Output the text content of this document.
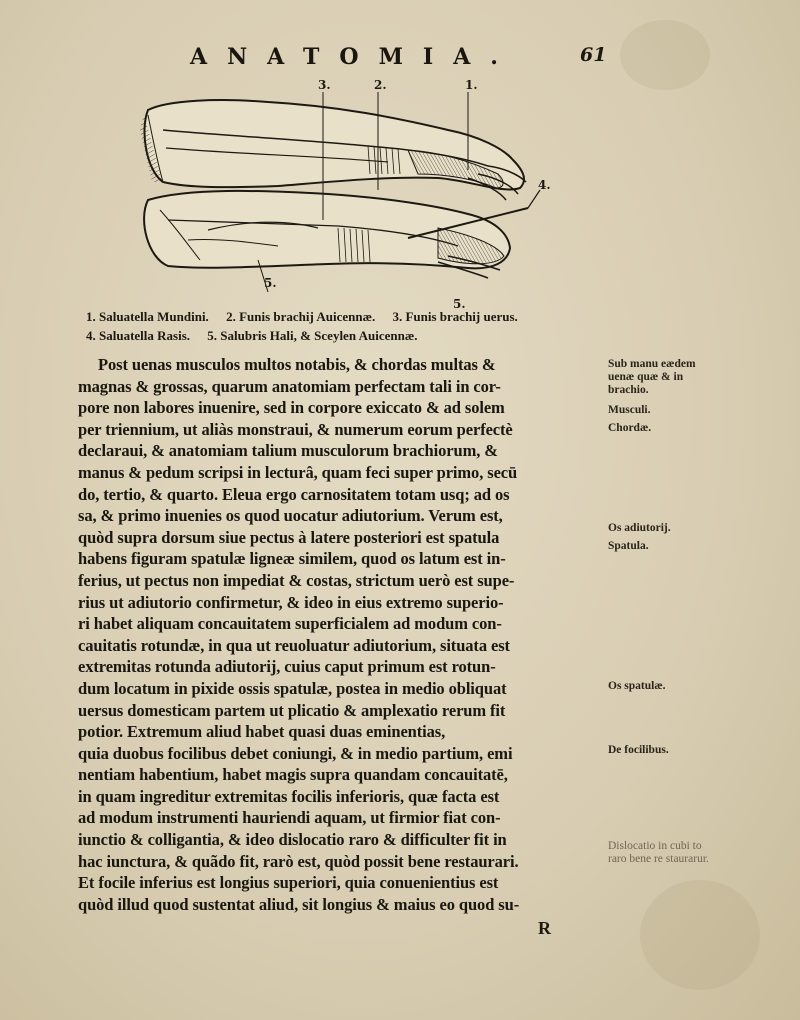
ANATOMIA.	61
3.	2.	1.
4.
5.
5.
1. Saluatella Mundini. 2. Funis brachij Auicennæ. 3. Funis brachij uerus.
4. Saluatella Rasis. 5. Salubris Hali, & Sceylen Auicennæ.
Post uenas musculos multos notabis, & chordas multas &
magnas & grossas, quarum anatomiam perfectam tali in cor-
pore non labores inuenire, sed in corpore exiccato & ad solem
per triennium, ut aliàs monstraui, & numerum eorum perfectè
declaraui, & anatomiam talium musculorum brachiorum, &
manus & pedum scripsi in lecturâ, quam feci super primo, secū
do, tertio, & quarto. Eleua ergo carnositatem totam usq; ad os
sa, & primo inuenies os quod uocatur adiutorium. Verum est,
quòd supra dorsum siue pectus à latere posteriori est spatula
habens figuram spatulæ ligneæ similem, quod os latum est in-
ferius, ut pectus non impediat & costas, strictum uerò est supe-
rius ut adiutorio confirmetur, & ideo in eius extremo superio-
ri habet aliquam concauitatem superficialem ad modum con-
cauitatis rotundæ, in qua ut reuoluatur adiutorium, situata est
extremitas rotunda adiutorij, cuius caput primum est rotun-
dum locatum in pixide ossis spatulæ, postea in medio obliquat
uersus domesticam partem ut plicatio & amplexatio rerum fit
potior. Extremum aliud habet quasi duas eminentias,
quia duobus focilibus debet coniungi, & in medio partium, emi
nentiam habentium, habet magis supra quandam concauitatē,
in quam ingreditur extremitas focilis inferioris, quæ facta est
ad modum instrumenti hauriendi aquam, ut firmior fiat con-
iunctio & colligantia, & ideo dislocatio raro & difficulter fit in
hac iunctura, & quãdo fit, rarò est, quòd possit bene restaurari.
Et focile inferius est longius superiori, quia conuenientius est
quòd illud quod sustentat aliud, sit longius & maius eo quod su-
R
Sub manu eædem uenæ quæ & in brachio.
Musculi.
Chordæ.
Os adiutorij.
Spatula.
Os spatulæ.
De focilibus.
Dislocatio in cubi to raro bene re staurarur.
